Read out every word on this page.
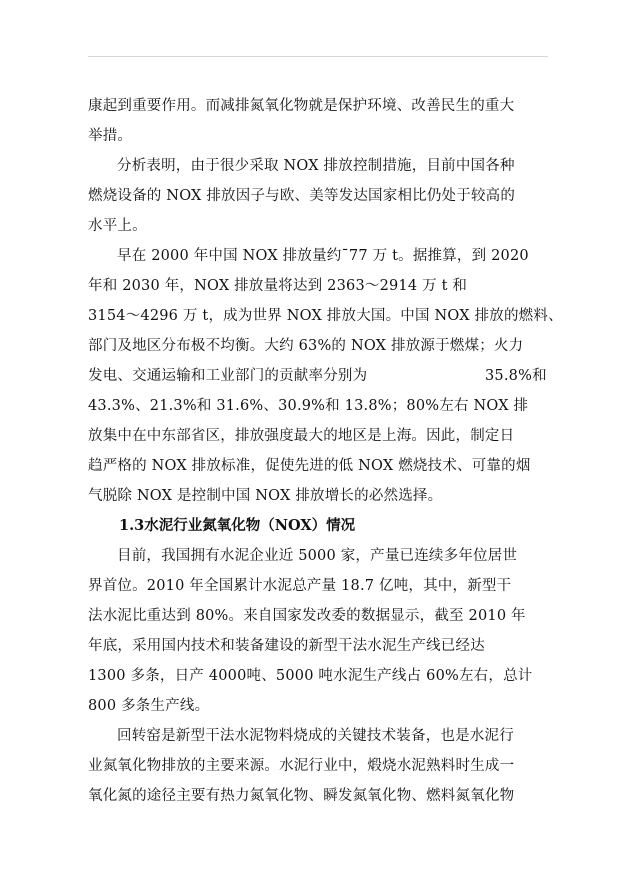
康起到重要作用。而减排氮氧化物就是保护环境、改善民生的重大
举措。
分析表明，由于很少采取 NOX 排放控制措施，目前中国各种
燃烧设备的 NOX 排放因子与欧、美等发达国家相比仍处于较高的
水平上。
早在 2000 年中国 NOX 排放量约¯77 万 t。据推算，到 2020
年和 2030 年，NOX 排放量将达到 2363～2914 万 t 和
3154～4296 万 t，成为世界 NOX 排放大国。中国 NOX 排放的燃料、
部门及地区分布极不均衡。大约 63%的 NOX 排放源于燃煤；火力
发电、交通运输和工业部门的贡献率分别为	35.8%和
43.3%、21.3%和 31.6%、30.9%和 13.8%；80%左右 NOX 排
放集中在中东部省区，排放强度最大的地区是上海。因此，制定日
趋严格的 NOX 排放标准，促使先进的低 NOX 燃烧技术、可靠的烟
气脱除 NOX 是控制中国 NOX 排放增长的必然选择。
1.3水泥行业氮氧化物（NOX）情况
目前，我国拥有水泥企业近 5000 家，产量已连续多年位居世
界首位。2010 年全国累计水泥总产量 18.7 亿吨，其中，新型干
法水泥比重达到 80%。来自国家发改委的数据显示，截至 2010 年
年底，采用国内技术和装备建设的新型干法水泥生产线已经达
1300 多条，日产 4000吨、5000 吨水泥生产线占 60%左右，总计
800 多条生产线。
回转窑是新型干法水泥物料烧成的关键技术装备，也是水泥行
业氮氧化物排放的主要来源。水泥行业中，煅烧水泥熟料时生成一
氧化氮的途径主要有热力氮氧化物、瞬发氮氧化物、燃料氮氧化物
